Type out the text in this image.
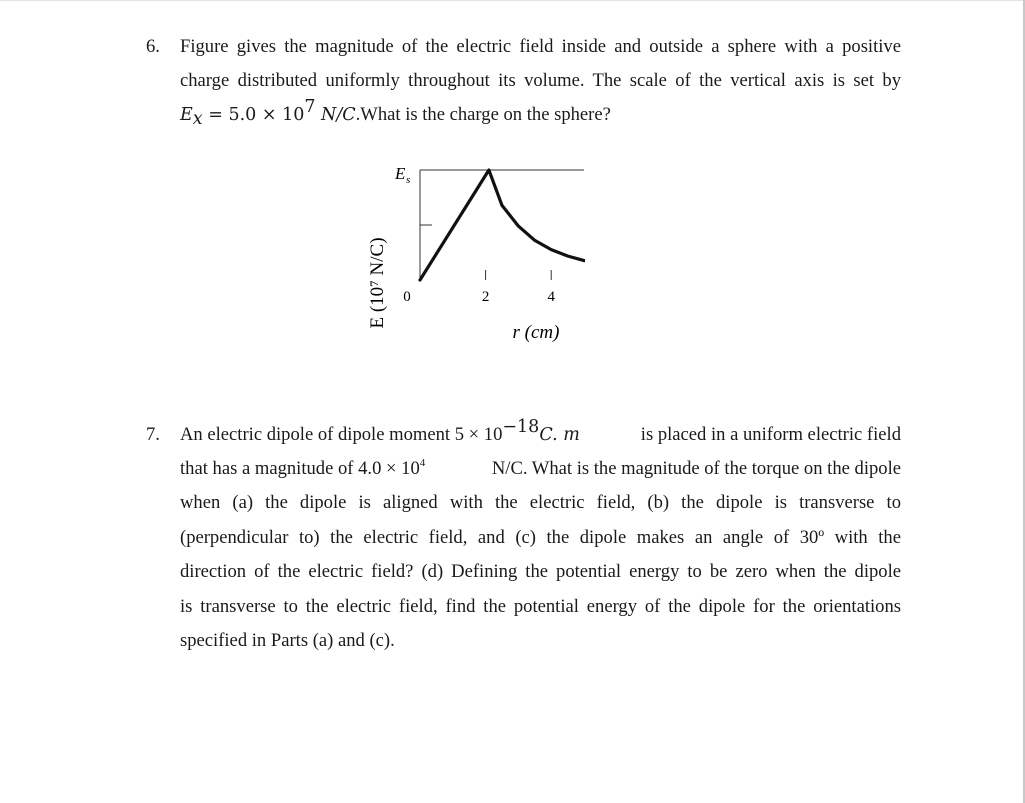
6. Figure gives the magnitude of the electric field inside and outside a sphere with a positive
charge distributed uniformly throughout its volume. The scale of the vertical axis is set by
$E_x = 5.0 \times 10^7$ N/C.What is the charge on the sphere?
E (10⁷ N/C)
E s
0	2	4
r (cm)
7. An electric dipole of dipole moment $5 \times 10^{-18}C$. m	is placed in a uniform electric field
that has a magnitude of $4.0 \times 10^4$	N/C. What is the magnitude of the torque on the dipole
when (a) the dipole is aligned with the electric field, (b) the dipole is transverse to
(perpendicular to) the electric field, and (c) the dipole makes an angle of 30º with the
direction of the electric field? (d) Defining the potential energy to be zero when the dipole
is transverse to the electric field, find the potential energy of the dipole for the orientations
specified in Parts (a) and (c).
